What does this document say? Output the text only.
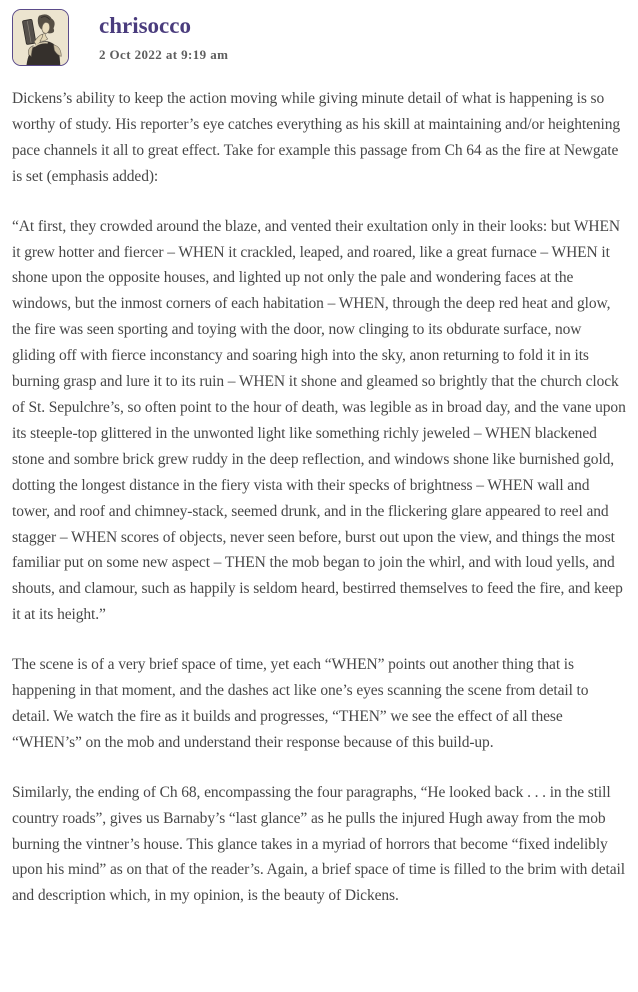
chrisocco
2 Oct 2022 at 9:19 am

Dickens’s ability to keep the action moving while giving minute detail of what is happening is so worthy of study. His reporter’s eye catches everything as his skill at maintaining and/or heightening pace channels it all to great effect. Take for example this passage from Ch 64 as the fire at Newgate is set (emphasis added):

“At first, they crowded around the blaze, and vented their exultation only in their looks: but WHEN it grew hotter and fiercer – WHEN it crackled, leaped, and roared, like a great furnace – WHEN it shone upon the opposite houses, and lighted up not only the pale and wondering faces at the windows, but the inmost corners of each habitation – WHEN, through the deep red heat and glow, the fire was seen sporting and toying with the door, now clinging to its obdurate surface, now gliding off with fierce inconstancy and soaring high into the sky, anon returning to fold it in its burning grasp and lure it to its ruin – WHEN it shone and gleamed so brightly that the church clock of St. Sepulchre’s, so often point to the hour of death, was legible as in broad day, and the vane upon its steeple-top glittered in the unwonted light like something richly jeweled – WHEN blackened stone and sombre brick grew ruddy in the deep reflection, and windows shone like burnished gold, dotting the longest distance in the fiery vista with their specks of brightness – WHEN wall and tower, and roof and chimney-stack, seemed drunk, and in the flickering glare appeared to reel and stagger – WHEN scores of objects, never seen before, burst out upon the view, and things the most familiar put on some new aspect – THEN the mob began to join the whirl, and with loud yells, and shouts, and clamour, such as happily is seldom heard, bestirred themselves to feed the fire, and keep it at its height.”

The scene is of a very brief space of time, yet each “WHEN” points out another thing that is happening in that moment, and the dashes act like one’s eyes scanning the scene from detail to detail. We watch the fire as it builds and progresses, “THEN” we see the effect of all these “WHEN’s” on the mob and understand their response because of this build-up.

Similarly, the ending of Ch 68, encompassing the four paragraphs, “He looked back . . . in the still country roads”, gives us Barnaby’s “last glance” as he pulls the injured Hugh away from the mob burning the vintner’s house. This glance takes in a myriad of horrors that become “fixed indelibly upon his mind” as on that of the reader’s. Again, a brief space of time is filled to the brim with detail and description which, in my opinion, is the beauty of Dickens.
